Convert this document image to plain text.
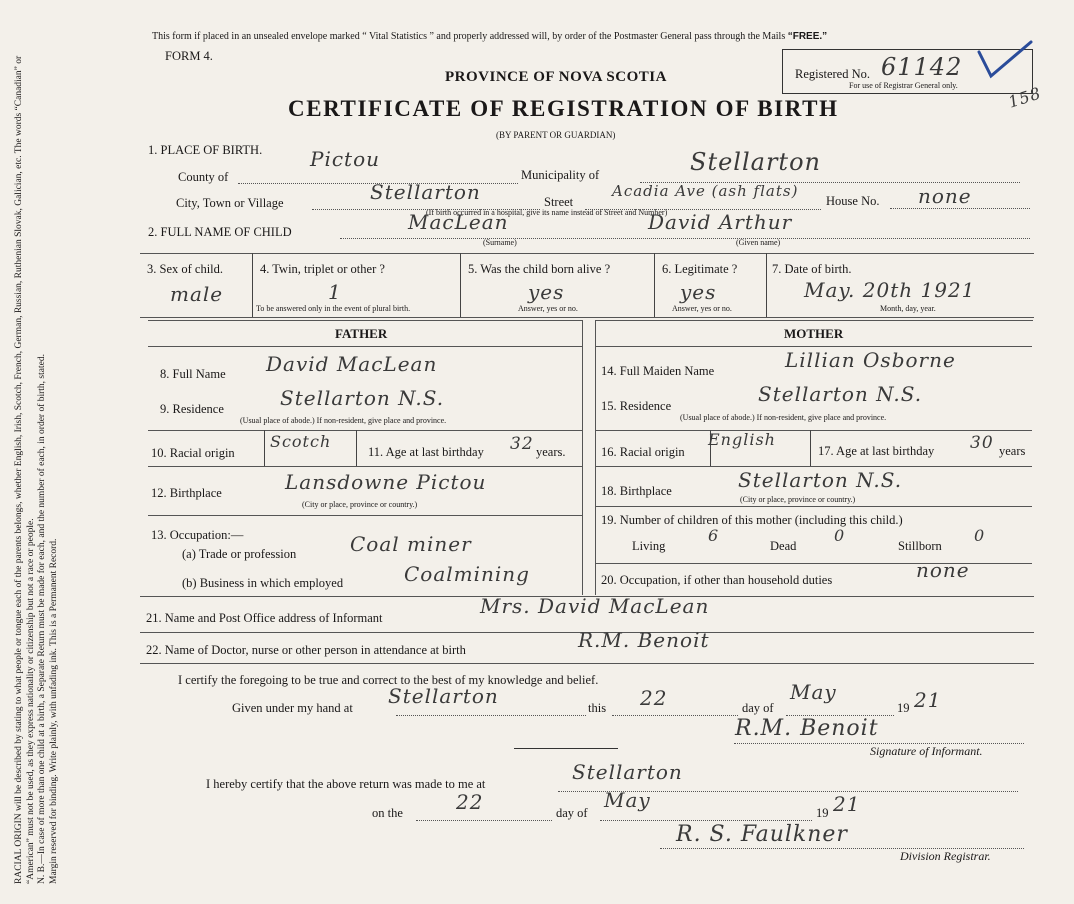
RACIAL ORIGIN will be described by stating to what people or tongue each of the parents belongs, whether English, Irish, Scotch, French, German, Russian, Ruthenian Slovak, Galician, etc. The words “Canadian” or “American” must not be used, as they express nationality or citizenship but not a race or people. N. B.—In case of more than one child at a birth, a Separate Return must be made for each, and the number of each, in order of birth, stated. Margin reserved for binding. Write plainly, with unfading ink. This is a Permanent Record.
This form if placed in an unsealed envelope marked “ Vital Statistics ” and properly addressed will, by order of the Postmaster General pass through the Mails “FREE.”
FORM 4.
PROVINCE OF NOVA SCOTIA
CERTIFICATE OF REGISTRATION OF BIRTH
(BY PARENT OR GUARDIAN)
Registered No. 61142
For use of Registrar General only.	158
1. PLACE OF BIRTH.
County of
Pictou
Municipality of	Stellarton
City, Town or Village	Stellarton	Street
Acadia Ave (ash flats)
House No. none
(If birth occurred in a hospital, give its name instead of Street and Number)
2. FULL NAME OF CHILD	MacLean	David Arthur
(Surname)	(Given name)
3. Sex of child.
male
4. Twin, triplet or other ?
1
To be answered only in the event of plural birth.
5. Was the child born alive ?
yes
Answer, yes or no.
6. Legitimate ?
yes
Answer, yes or no.
7. Date of birth.
May. 20th 1921
Month, day, year.
FATHER	MOTHER
8. Full Name David MacLean
9. Residence	Stellarton N.S.
(Usual place of abode.) If non-resident, give place and province.
10. Racial origin
Scotch
11. Age at last birthday 32 years.
12. Birthplace	Lansdowne Pictou
(City or place, province or country.)
13. Occupation:—
(a) Trade or profession	Coal miner
(b) Business in which employed	Coalmining
14. Full Maiden Name	Lillian Osborne
15. Residence	Stellarton N.S.
(Usual place of abode.) If non-resident, give place and province.
16. Racial origin
English
17. Age at last birthday 30 years
18. Birthplace	Stellarton N.S.
(City or place, province or country.)
19. Number of children of this mother (including this child.)
Living
6
Dead
0
Stillborn
0
20. Occupation, if other than household duties	none
21. Name and Post Office address of Informant	Mrs. David MacLean
22. Name of Doctor, nurse or other person in attendance at birth	R.M. Benoit
I certify the foregoing to be true and correct to the best of my knowledge and belief.
Given under my hand at Stellarton	this 22	day of
May
19 21
R.M. Benoit
Signature of Informant.
I hereby certify that the above return was made to me at	Stellarton
on the	22	day of
May
19 21
R. S. Faulkner
Division Registrar.
